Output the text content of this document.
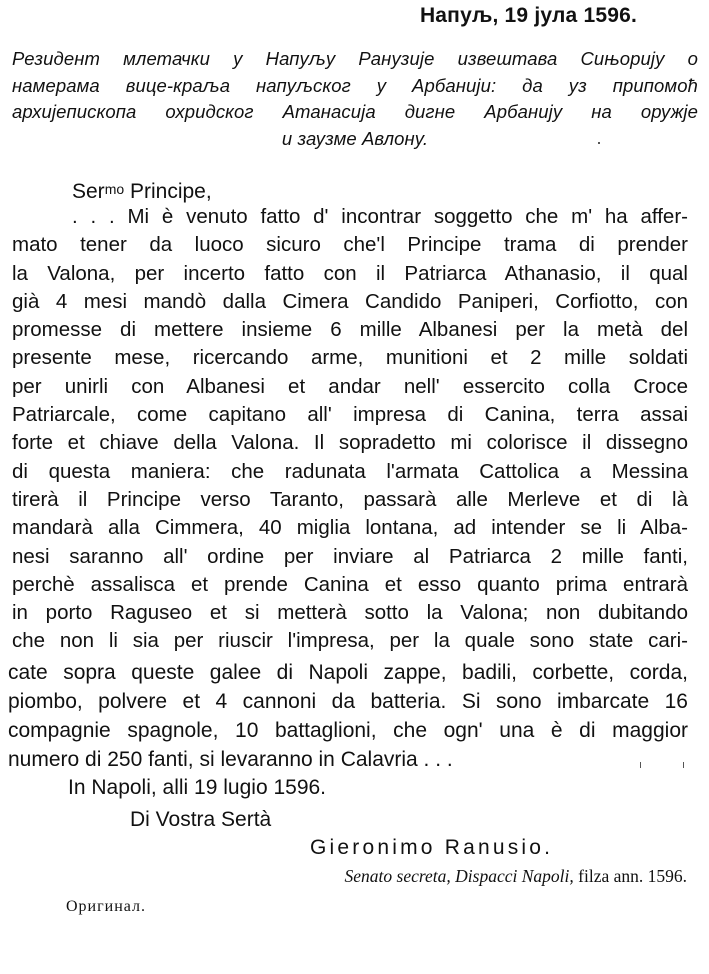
Напуљ, 19 јула 1596.
Резидент млетачки у Напуљу Ранузије извештава Сињорију о
намерама вице-краља напуљског у Арбанији: да уз припомоћ
архијепископа охридског Атанасија дигне Арбанију на оружје
и заузме Авлону.
Ser$^{mo}$ Principe,
. . . Mi è venuto fatto d' incontrar soggetto che m' ha affer-
mato tener da luoco sicuro che'l Principe trama di prender
la Valona, per incerto fatto con il Patriarca Athanasio, il qual
già 4 mesi mandò dalla Cimera Candido Paniperi, Corfiotto, con
promesse di mettere insieme 6 mille Albanesi per la metà del
presente mese, ricercando arme, munitioni et 2 mille soldati
per unirli con Albanesi et andar nell' essercito colla Croce
Patriarcale, come capitano all' impresa di Canina, terra assai
forte et chiave della Valona. Il sopradetto mi colorisce il dissegno
di questa maniera: che radunata l'armata Cattolica a Messina
tirerà il Principe verso Taranto, passarà alle Merleve et di là
mandarà alla Cimmera, 40 miglia lontana, ad intender se li Alba-
nesi saranno all' ordine per inviare al Patriarca 2 mille fanti,
perchè assalisca et prende Canina et esso quanto prima entrarà
in porto Raguseo et si metterà sotto la Valona; non dubitando
che non li sia per riuscir l'impresa, per la quale sono state cari-
cate sopra queste galee di Napoli zappe, badili, corbette, corda,
piombo, polvere et 4 cannoni da batteria. Si sono imbarcate 16
compagnie spagnole, 10 battaglioni, che ogn' una è di maggior
numero di 250 fanti, si levaranno in Calavria . . .
In Napoli, alli 19 lugio 1596.
Di Vostra Sertà
Gieronimo Ranusio.
Senato secreta, Dispacci Napoli, filza ann. 1596.
Оригинал.
